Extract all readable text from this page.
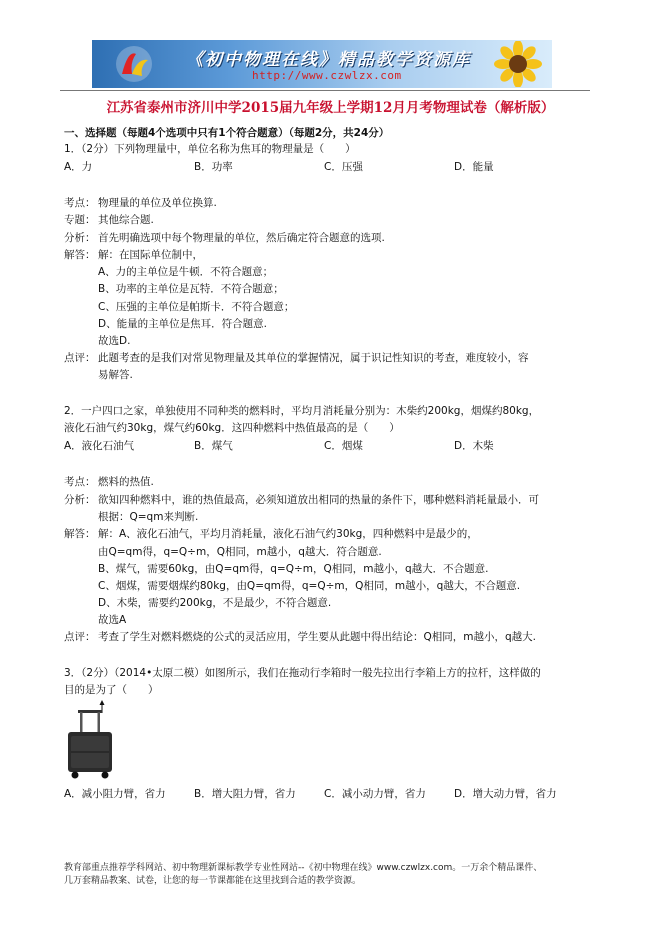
《初中物理在线》精品教学资源库
http://www.czwlzx.com
江苏省泰州市济川中学2015届九年级上学期12月月考物理试卷（解析版）
一、选择题（每题4个选项中只有1个符合题意）（每题2分，共24分）
1．（2分）下列物理量中，单位名称为焦耳的物理量是（　　）
A．力	B．功率	C．压强	D．能量
考点： 物理量的单位及单位换算.
专题： 其他综合题.
分析： 首先明确选项中每个物理量的单位，然后确定符合题意的选项.
解答： 解：在国际单位制中，
A、力的主单位是牛顿．不符合题意；
B、功率的主单位是瓦特．不符合题意；
C、压强的主单位是帕斯卡．不符合题意；
D、能量的主单位是焦耳．符合题意.
故选D.
点评： 此题考查的是我们对常见物理量及其单位的掌握情况，属于识记性知识的考查，难度较小，容
易解答.
2．一户四口之家，单独使用不同种类的燃料时，平均月消耗量分别为：木柴约200kg，烟煤约80kg，
液化石油气约30kg，煤气约60kg．这四种燃料中热值最高的是（　　）
A．液化石油气	B．煤气	C．烟煤	D．木柴
考点： 燃料的热值.
分析： 欲知四种燃料中，谁的热值最高，必须知道放出相同的热量的条件下，哪种燃料消耗量最小．可
根据：Q=qm来判断.
解答： 解：A、液化石油气，平均月消耗量，液化石油气约30kg，四种燃料中是最少的，
由Q=qm得，q=Q÷m，Q相同，m越小，q越大．符合题意.
B、煤气，需要60kg，由Q=qm得，q=Q÷m，Q相同，m越小，q越大．不合题意.
C、烟煤，需要烟煤约80kg，由Q=qm得，q=Q÷m，Q相同，m越小，q越大，不合题意.
D、木柴，需要约200kg，不是最少，不符合题意.
故选A
点评： 考查了学生对燃料燃烧的公式的灵活应用，学生要从此题中得出结论：Q相同，m越小，q越大.
3．（2分）（2014•太原二模）如图所示，我们在拖动行李箱时一般先拉出行李箱上方的拉杆，这样做的
目的是为了（　　）
A．减小阻力臂，省力	B．增大阻力臂，省力	C．减小动力臂，省力	D．增大动力臂，省力
教育部重点推荐学科网站、初中物理新课标教学专业性网站--《初中物理在线》www.czwlzx.com。一万余个精品课件、
几万套精品教案、试卷，让您的每一节课都能在这里找到合适的教学资源。
